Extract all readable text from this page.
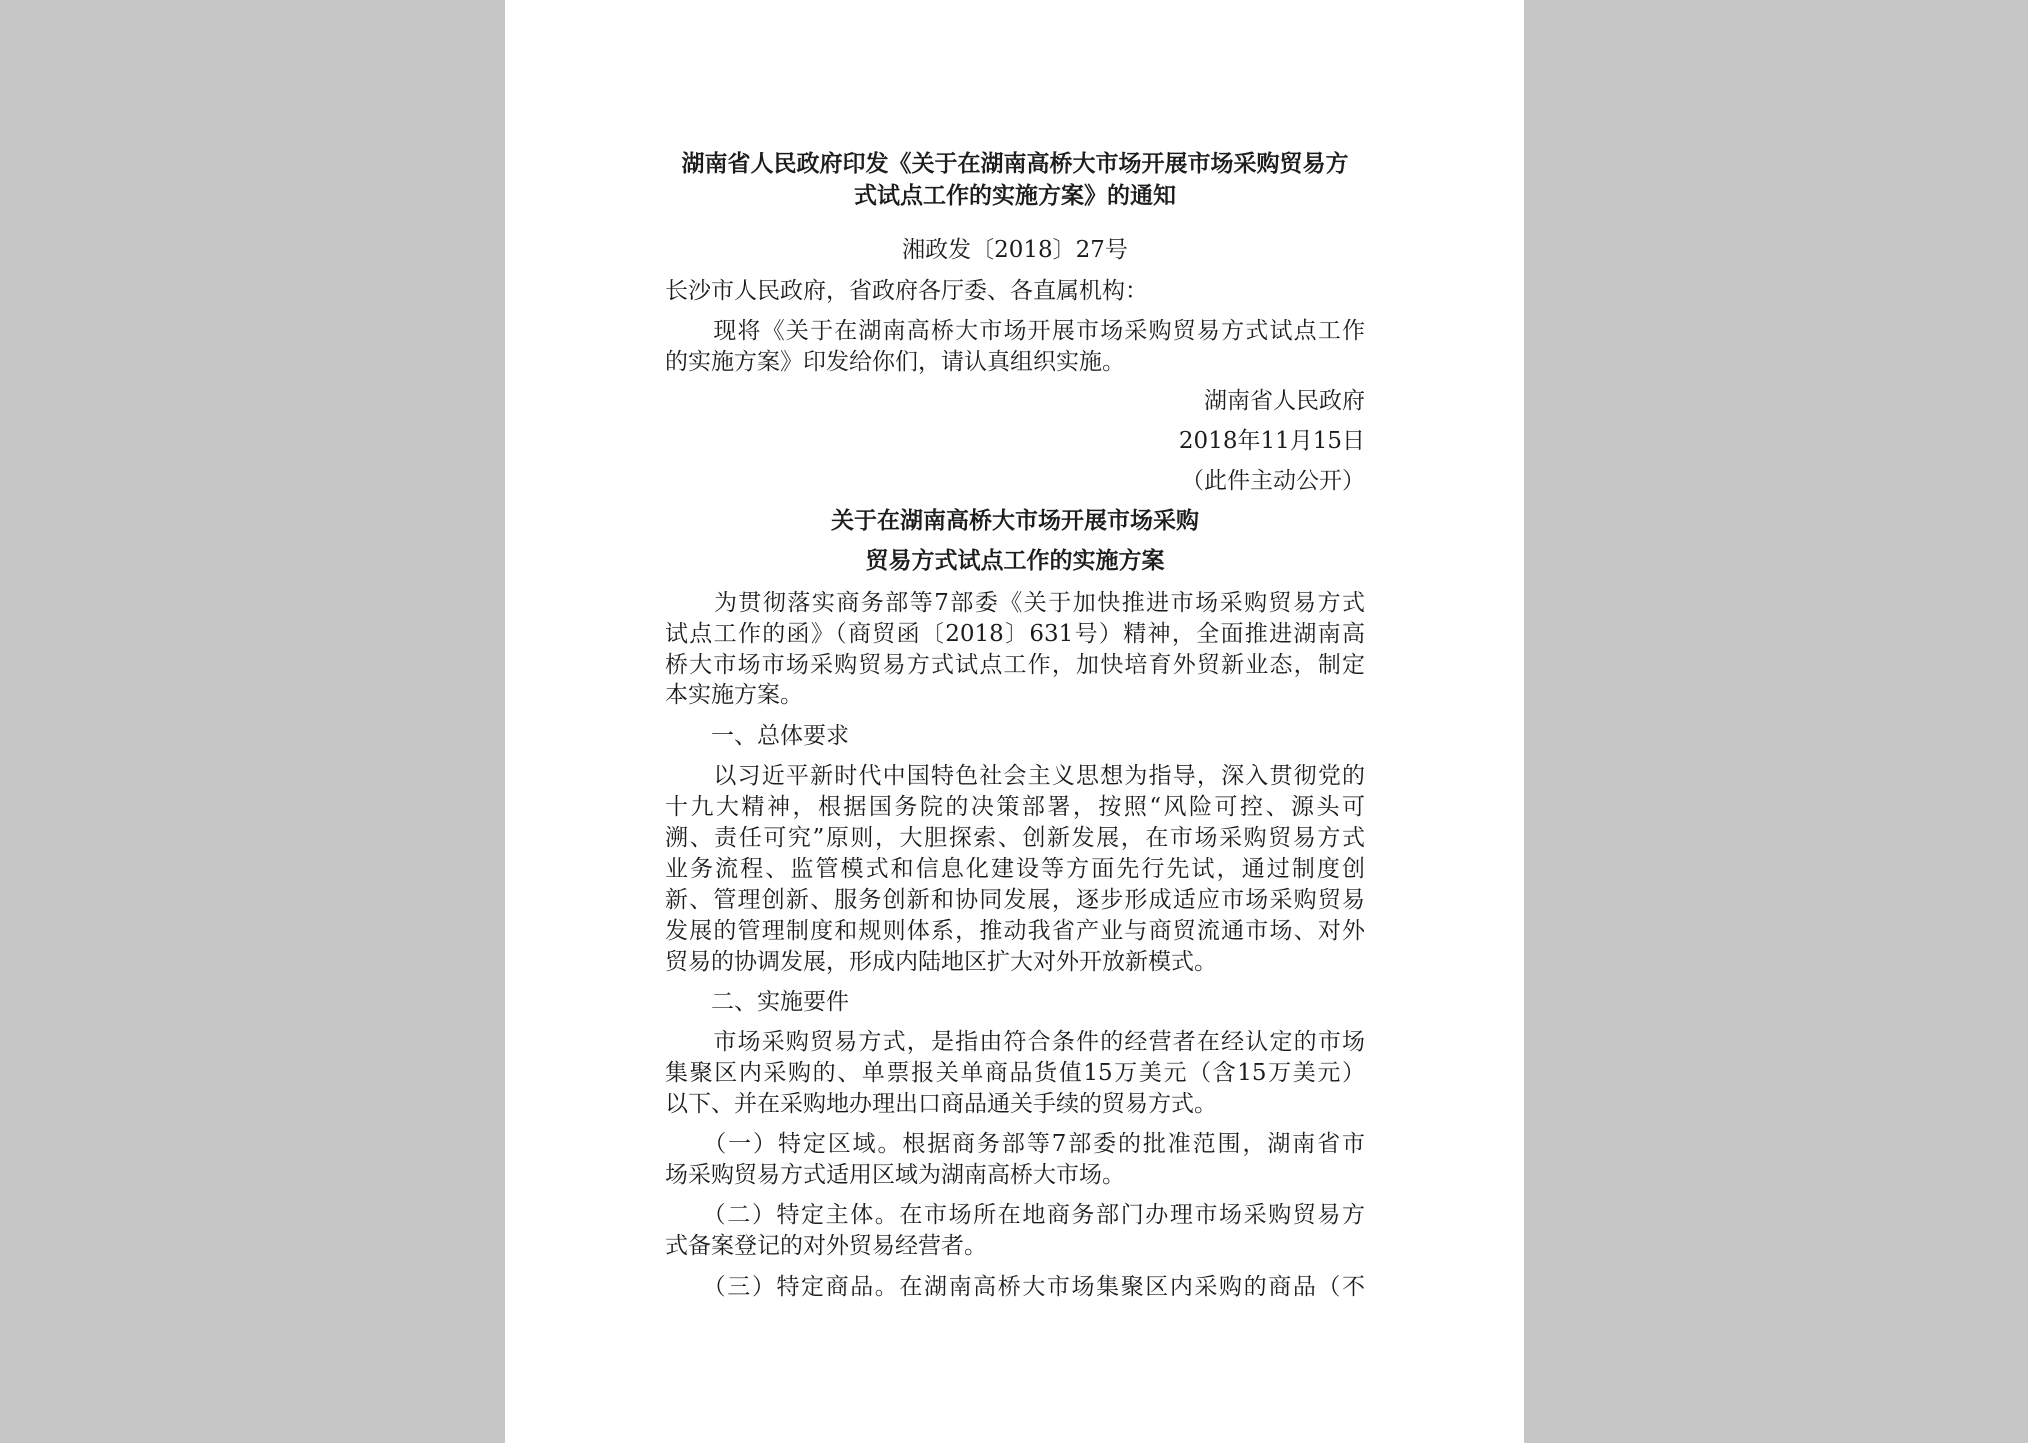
湖南省人民政府印发《关于在湖南高桥大市场开展市场采购贸易方
式试点工作的实施方案》的通知
湘政发〔2018〕27号
长沙市人民政府，省政府各厅委、各直属机构：
　　现将《关于在湖南高桥大市场开展市场采购贸易方式试点工作
的实施方案》印发给你们，请认真组织实施。
湖南省人民政府
2018年11月15日
（此件主动公开）
关于在湖南高桥大市场开展市场采购
贸易方式试点工作的实施方案
　　为贯彻落实商务部等7部委《关于加快推进市场采购贸易方式
试点工作的函》（商贸函〔2018〕631号）精神，全面推进湖南高
桥大市场市场采购贸易方式试点工作，加快培育外贸新业态，制定
本实施方案。
　　一、总体要求
　　以习近平新时代中国特色社会主义思想为指导，深入贯彻党的
十九大精神，根据国务院的决策部署，按照“风险可控、源头可
溯、责任可究”原则，大胆探索、创新发展，在市场采购贸易方式
业务流程、监管模式和信息化建设等方面先行先试，通过制度创
新、管理创新、服务创新和协同发展，逐步形成适应市场采购贸易
发展的管理制度和规则体系，推动我省产业与商贸流通市场、对外
贸易的协调发展，形成内陆地区扩大对外开放新模式。
　　二、实施要件
　　市场采购贸易方式，是指由符合条件的经营者在经认定的市场
集聚区内采购的、单票报关单商品货值15万美元（含15万美元）
以下、并在采购地办理出口商品通关手续的贸易方式。
　　（一）特定区域。根据商务部等7部委的批准范围，湖南省市
场采购贸易方式适用区域为湖南高桥大市场。
　　（二）特定主体。在市场所在地商务部门办理市场采购贸易方
式备案登记的对外贸易经营者。
　　（三）特定商品。在湖南高桥大市场集聚区内采购的商品（不
